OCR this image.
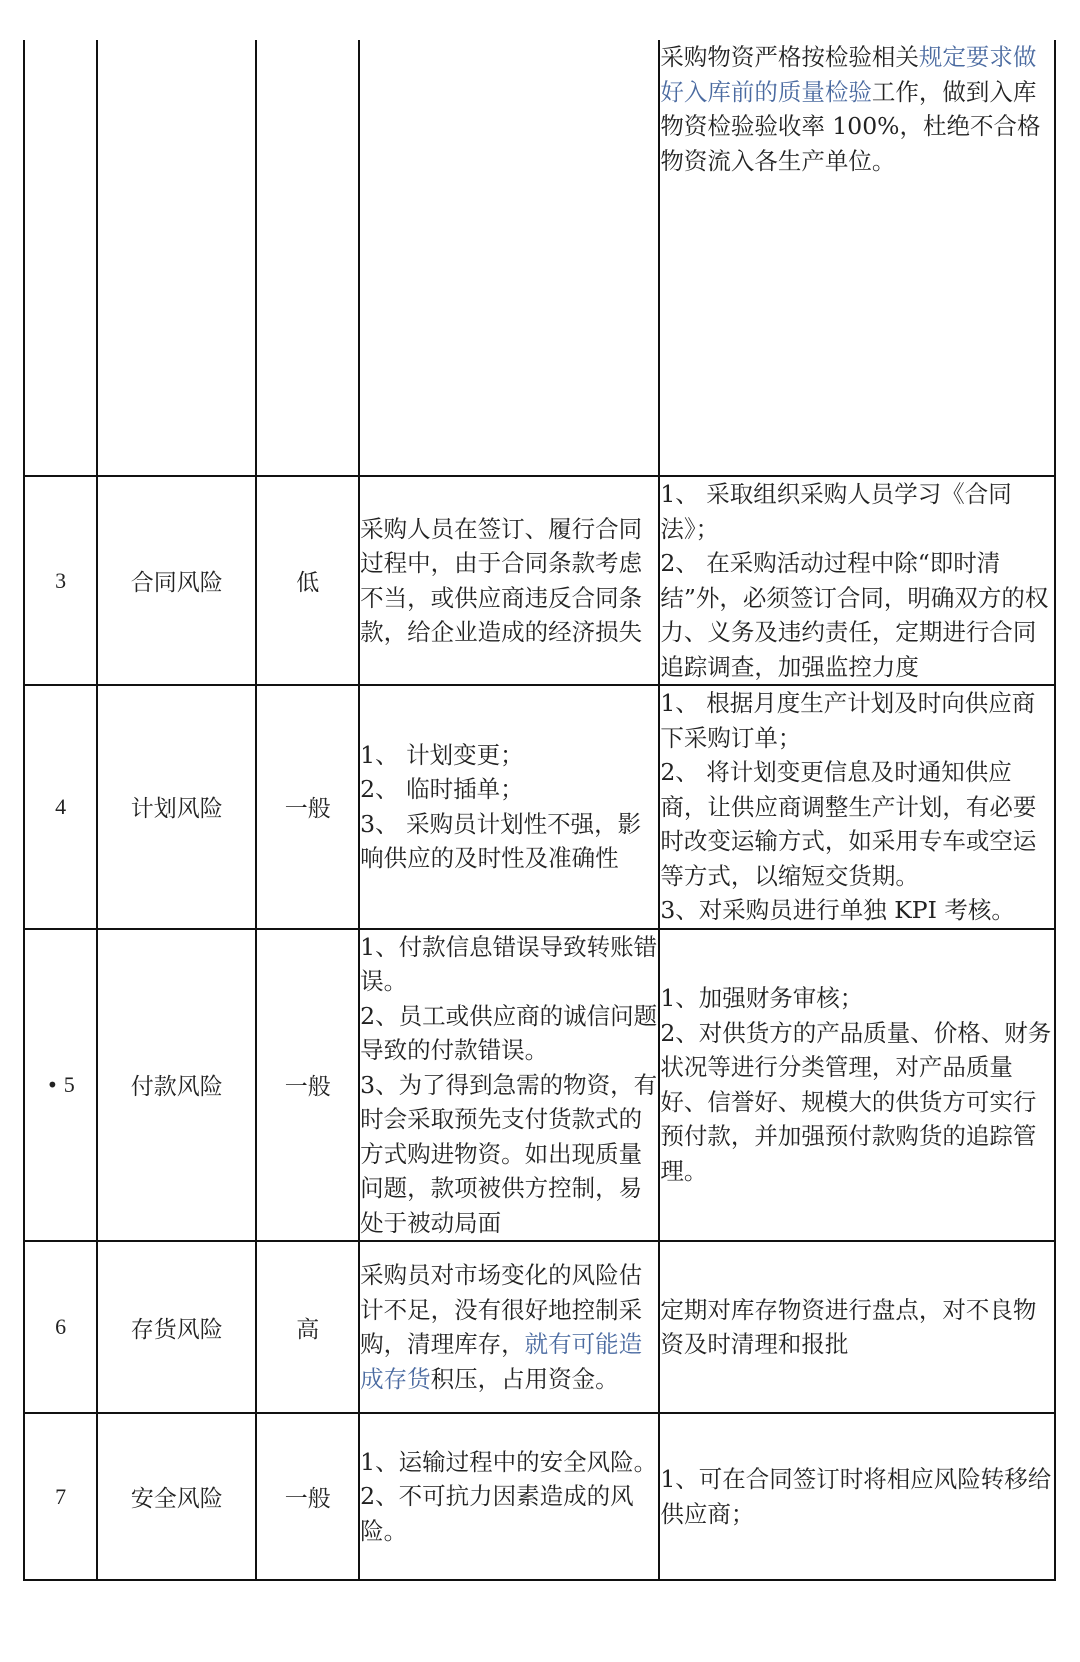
				采购物资严格按检验相关规定要求做好入库前的质量检验工作，做到入库物资检验验收率 100%，杜绝不合格物资流入各生产单位。

3	合同风险	低	采购人员在签订、履行合同过程中，由于合同条款考虑不当，或供应商违反合同条款，给企业造成的经济损失	1、 采取组织采购人员学习《合同法》；
2、 在采购活动过程中除“即时清结”外，必须签订合同，明确双方的权力、义务及违约责任，定期进行合同追踪调查，加强监控力度

4	计划风险	一般	1、 计划变更；
2、 临时插单；
3、 采购员计划性不强，影响供应的及时性及准确性	1、 根据月度生产计划及时向供应商下采购订单；
2、 将计划变更信息及时通知供应商，让供应商调整生产计划，有必要时改变运输方式，如采用专车或空运等方式，以缩短交货期。
3、对采购员进行单独 KPI 考核。

• 5	付款风险	一般	1、付款信息错误导致转账错误。
2、员工或供应商的诚信问题导致的付款错误。
3、为了得到急需的物资，有时会采取预先支付货款式的方式购进物资。如出现质量问题，款项被供方控制，易处于被动局面	1、加强财务审核；
2、对供货方的产品质量、价格、财务状况等进行分类管理，对产品质量好、信誉好、规模大的供货方可实行预付款，并加强预付款购货的追踪管理。

6	存货风险	高	采购员对市场变化的风险估计不足，没有很好地控制采购，清理库存，就有可能造成存货积压，占用资金。	定期对库存物资进行盘点，对不良物资及时清理和报批

7	安全风险	一般	1、运输过程中的安全风险。
2、不可抗力因素造成的风险。	1、可在合同签订时将相应风险转移给供应商；
